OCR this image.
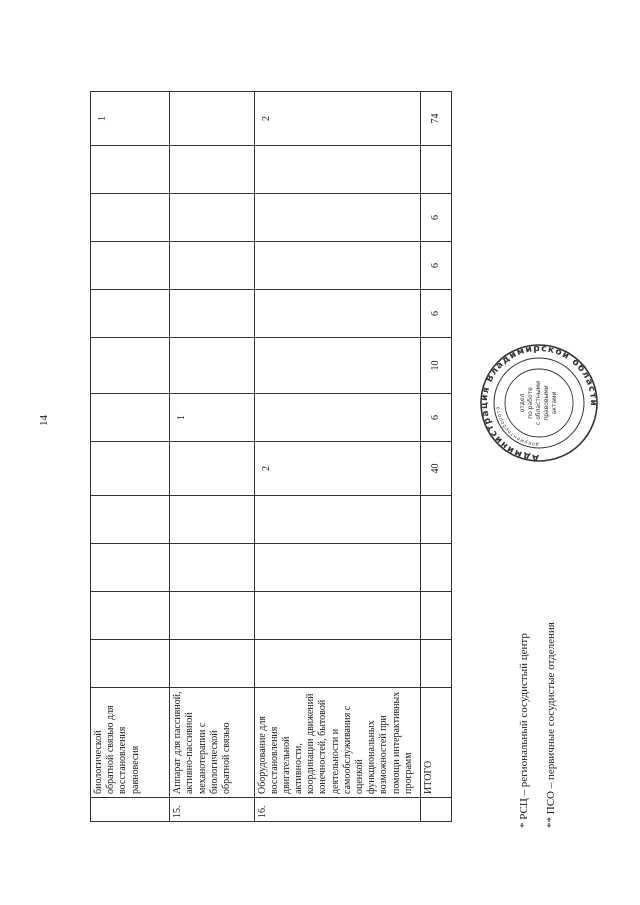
14
	биологической обратной связью для восстановления равновесия												1
15.	Аппарат для пассивной, активно-пассивной механотерапии с биологической обратной связью						1						
16.	Оборудование для восстановления двигательной активности, координации движений конечностей, бытовой деятельности и самообслуживания с оценкой функциональных возможностей при помощи интерактивных программ					2							2
	ИТОГО					40	6	10	6	6	6		74
* РСЦ – региональный сосудистый центр ** ПСО – первичные сосудистые отделения
Администрация Владимирской области
документооборота	отдел по работе с областными правовыми актами
